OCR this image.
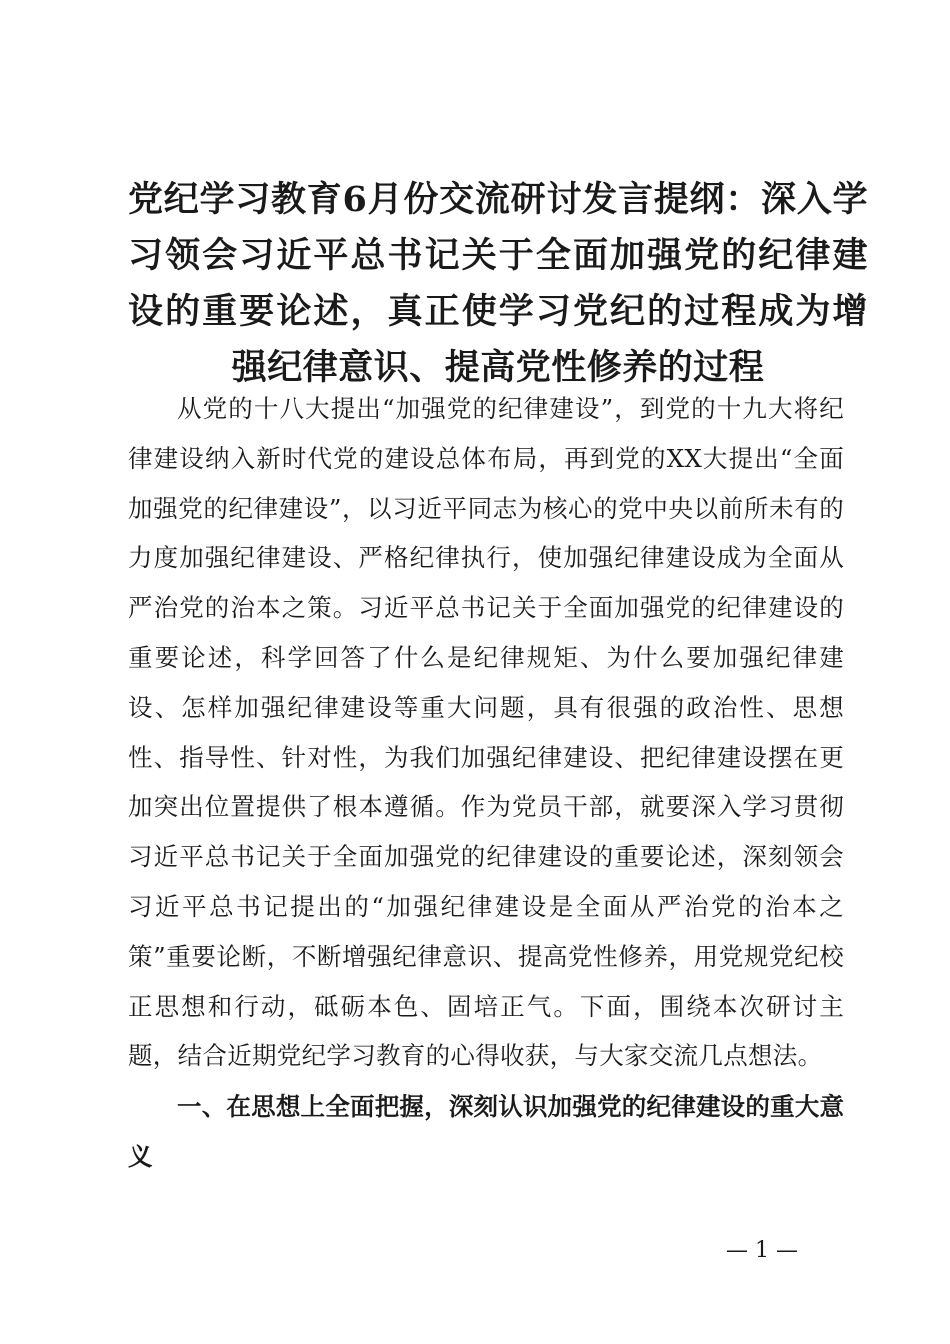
党纪学习教育6月份交流研讨发言提纲：深入学习领会习近平总书记关于全面加强党的纪律建设的重要论述，真正使学习党纪的过程成为增强纪律意识、提高党性修养的过程

从党的十八大提出“加强党的纪律建设”，到党的十九大将纪律建设纳入新时代党的建设总体布局，再到党的XX大提出“全面加强党的纪律建设”，以习近平同志为核心的党中央以前所未有的力度加强纪律建设、严格纪律执行，使加强纪律建设成为全面从严治党的治本之策。习近平总书记关于全面加强党的纪律建设的重要论述，科学回答了什么是纪律规矩、为什么要加强纪律建设、怎样加强纪律建设等重大问题，具有很强的政治性、思想性、指导性、针对性，为我们加强纪律建设、把纪律建设摆在更加突出位置提供了根本遵循。作为党员干部，就要深入学习贯彻习近平总书记关于全面加强党的纪律建设的重要论述，深刻领会习近平总书记提出的“加强纪律建设是全面从严治党的治本之策”重要论断，不断增强纪律意识、提高党性修养，用党规党纪校正思想和行动，砥砺本色、固培正气。下面，围绕本次研讨主题，结合近期党纪学习教育的心得收获，与大家交流几点想法。

一、在思想上全面把握，深刻认识加强党的纪律建设的重大意义
— 1 —
